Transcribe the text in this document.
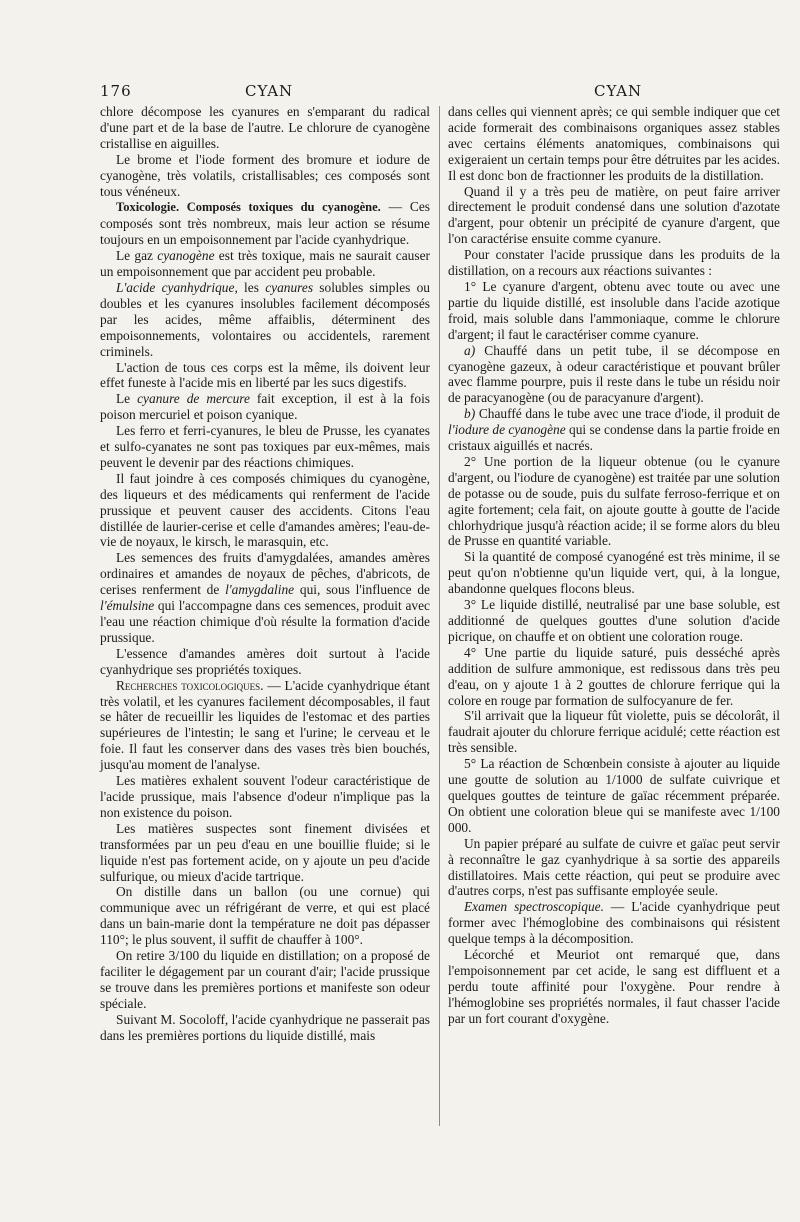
176	CYAN	CYAN

chlore décompose les cyanures en s'emparant du radical d'une part et de la base de l'autre. Le chlorure de cyanogène cristallise en aiguilles.

Le brome et l'iode forment des bromure et iodure de cyanogène, très volatils, cristallisables; ces composés sont tous vénéneux.

Toxicologie. Composés toxiques du cyanogène. — Ces composés sont très nombreux, mais leur action se résume toujours en un empoisonnement par l'acide cyanhydrique.

Le gaz cyanogène est très toxique, mais ne saurait causer un empoisonnement que par accident peu probable.

L'acide cyanhydrique, les cyanures solubles simples ou doubles et les cyanures insolubles facilement décomposés par les acides, même affaiblis, déterminent des empoisonnements, volontaires ou accidentels, rarement criminels.

L'action de tous ces corps est la même, ils doivent leur effet funeste à l'acide mis en liberté par les sucs digestifs.

Le cyanure de mercure fait exception, il est à la fois poison mercuriel et poison cyanique.

Les ferro et ferri-cyanures, le bleu de Prusse, les cyanates et sulfo-cyanates ne sont pas toxiques par eux-mêmes, mais peuvent le devenir par des réactions chimiques.

Il faut joindre à ces composés chimiques du cyanogène, des liqueurs et des médicaments qui renferment de l'acide prussique et peuvent causer des accidents. Citons l'eau distillée de laurier-cerise et celle d'amandes amères; l'eau-de-vie de noyaux, le kirsch, le marasquin, etc.

Les semences des fruits d'amygdalées, amandes amères ordinaires et amandes de noyaux de pêches, d'abricots, de cerises renferment de l'amygdaline qui, sous l'influence de l'émulsine qui l'accompagne dans ces semences, produit avec l'eau une réaction chimique d'où résulte la formation d'acide prussique.

L'essence d'amandes amères doit surtout à l'acide cyanhydrique ses propriétés toxiques.

Recherches toxicologiques. — L'acide cyanhydrique étant très volatil, et les cyanures facilement décomposables, il faut se hâter de recueillir les liquides de l'estomac et des parties supérieures de l'intestin; le sang et l'urine; le cerveau et le foie. Il faut les conserver dans des vases très bien bouchés, jusqu'au moment de l'analyse.

Les matières exhalent souvent l'odeur caractéristique de l'acide prussique, mais l'absence d'odeur n'implique pas la non existence du poison.

Les matières suspectes sont finement divisées et transformées par un peu d'eau en une bouillie fluide; si le liquide n'est pas fortement acide, on y ajoute un peu d'acide sulfurique, ou mieux d'acide tartrique.

On distille dans un ballon (ou une cornue) qui communique avec un réfrigérant de verre, et qui est placé dans un bain-marie dont la température ne doit pas dépasser 110°; le plus souvent, il suffit de chauffer à 100°.

On retire 3/100 du liquide en distillation; on a proposé de faciliter le dégagement par un courant d'air; l'acide prussique se trouve dans les premières portions et manifeste son odeur spéciale.

Suivant M. Socoloff, l'acide cyanhydrique ne passerait pas dans les premières portions du liquide distillé, mais

dans celles qui viennent après; ce qui semble indiquer que cet acide formerait des combinaisons organiques assez stables avec certains éléments anatomiques, combinaisons qui exigeraient un certain temps pour être détruites par les acides. Il est donc bon de fractionner les produits de la distillation.

Quand il y a très peu de matière, on peut faire arriver directement le produit condensé dans une solution d'azotate d'argent, pour obtenir un précipité de cyanure d'argent, que l'on caractérise ensuite comme cyanure.

Pour constater l'acide prussique dans les produits de la distillation, on a recours aux réactions suivantes :

1° Le cyanure d'argent, obtenu avec toute ou avec une partie du liquide distillé, est insoluble dans l'acide azotique froid, mais soluble dans l'ammoniaque, comme le chlorure d'argent; il faut le caractériser comme cyanure.

a) Chauffé dans un petit tube, il se décompose en cyanogène gazeux, à odeur caractéristique et pouvant brûler avec flamme pourpre, puis il reste dans le tube un résidu noir de paracyanogène (ou de paracyanure d'argent).

b) Chauffé dans le tube avec une trace d'iode, il produit de l'iodure de cyanogène qui se condense dans la partie froide en cristaux aiguillés et nacrés.

2° Une portion de la liqueur obtenue (ou le cyanure d'argent, ou l'iodure de cyanogène) est traitée par une solution de potasse ou de soude, puis du sulfate ferroso-ferrique et on agite fortement; cela fait, on ajoute goutte à goutte de l'acide chlorhydrique jusqu'à réaction acide; il se forme alors du bleu de Prusse en quantité variable.

Si la quantité de composé cyanogéné est très minime, il se peut qu'on n'obtienne qu'un liquide vert, qui, à la longue, abandonne quelques flocons bleus.

3° Le liquide distillé, neutralisé par une base soluble, est additionné de quelques gouttes d'une solution d'acide picrique, on chauffe et on obtient une coloration rouge.

4° Une partie du liquide saturé, puis desséché après addition de sulfure ammonique, est redissous dans très peu d'eau, on y ajoute 1 à 2 gouttes de chlorure ferrique qui la colore en rouge par formation de sulfocyanure de fer.

S'il arrivait que la liqueur fût violette, puis se décolorât, il faudrait ajouter du chlorure ferrique acidulé; cette réaction est très sensible.

5° La réaction de Schœnbein consiste à ajouter au liquide une goutte de solution au 1/1000 de sulfate cuivrique et quelques gouttes de teinture de gaïac récemment préparée. On obtient une coloration bleue qui se manifeste avec 1/100 000.

Un papier préparé au sulfate de cuivre et gaïac peut servir à reconnaître le gaz cyanhydrique à sa sortie des appareils distillatoires. Mais cette réaction, qui peut se produire avec d'autres corps, n'est pas suffisante employée seule.

Examen spectroscopique. — L'acide cyanhydrique peut former avec l'hémoglobine des combinaisons qui résistent quelque temps à la décomposition.

Lécorché et Meuriot ont remarqué que, dans l'empoisonnement par cet acide, le sang est diffluent et a perdu toute affinité pour l'oxygène. Pour rendre à l'hémoglobine ses propriétés normales, il faut chasser l'acide par un fort courant d'oxygène.
